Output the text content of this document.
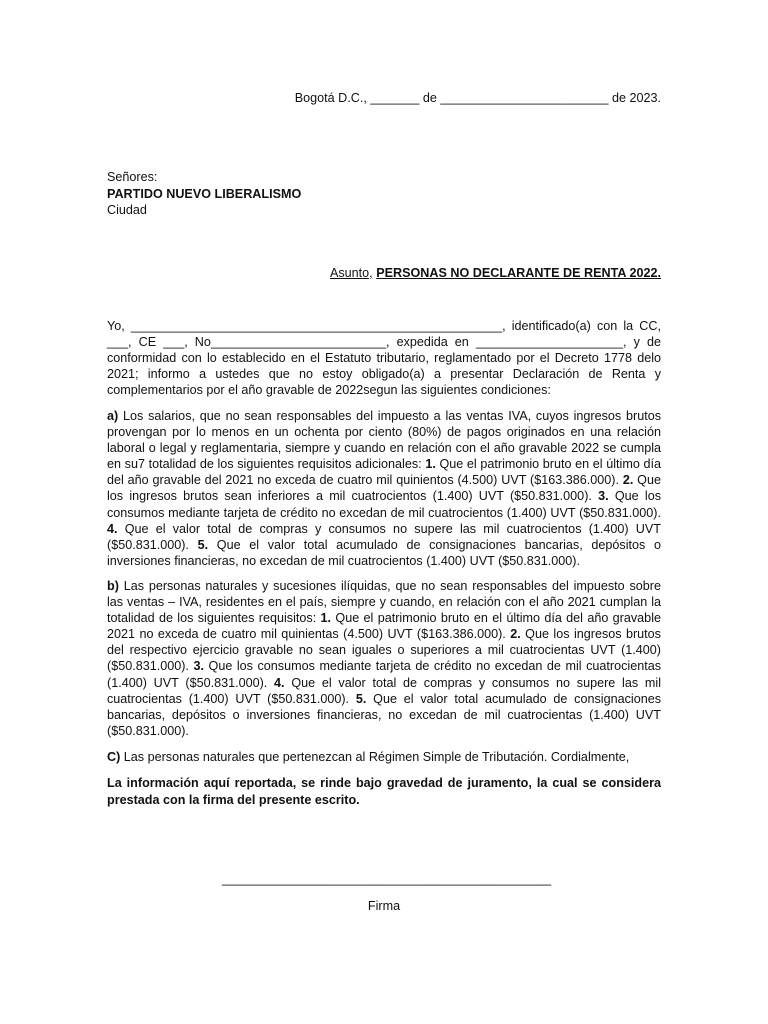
Bogotá D.C., _______ de ________________________ de 2023.
Señores:
PARTIDO NUEVO LIBERALISMO
Ciudad
Asunto, PERSONAS NO DECLARANTE DE RENTA 2022.

Yo, _____________________________________________________, identificado(a) con la CC, ___, CE ___, No_________________________, expedida en _____________________, y de conformidad con lo establecido en el Estatuto tributario, reglamentado por el Decreto 1778 delo 2021; informo a ustedes que no estoy obligado(a) a presentar Declaración de Renta y complementarios por el año gravable de 2022segun las siguientes condiciones:

a) Los salarios, que no sean responsables del impuesto a las ventas IVA, cuyos ingresos brutos provengan por lo menos en un ochenta por ciento (80%) de pagos originados en una relación laboral o legal y reglamentaria, siempre y cuando en relación con el año gravable 2022 se cumpla en su7 totalidad de los siguientes requisitos adicionales: 1. Que el patrimonio bruto en el último día del año gravable del 2021 no exceda de cuatro mil quinientos (4.500) UVT ($163.386.000). 2. Que los ingresos brutos sean inferiores a mil cuatrocientos (1.400) UVT ($50.831.000). 3. Que los consumos mediante tarjeta de crédito no excedan de mil cuatrocientos (1.400) UVT ($50.831.000). 4. Que el valor total de compras y consumos no supere las mil cuatrocientos (1.400) UVT ($50.831.000). 5. Que el valor total acumulado de consignaciones bancarias, depósitos o inversiones financieras, no excedan de mil cuatrocientos (1.400) UVT ($50.831.000).

b) Las personas naturales y sucesiones ilíquidas, que no sean responsables del impuesto sobre las ventas – IVA, residentes en el país, siempre y cuando, en relación con el año 2021 cumplan la totalidad de los siguientes requisitos: 1. Que el patrimonio bruto en el último día del año gravable 2021 no exceda de cuatro mil quinientas (4.500) UVT ($163.386.000). 2. Que los ingresos brutos del respectivo ejercicio gravable no sean iguales o superiores a mil cuatrocientas UVT (1.400) ($50.831.000). 3. Que los consumos mediante tarjeta de crédito no excedan de mil cuatrocientas (1.400) UVT ($50.831.000). 4. Que el valor total de compras y consumos no supere las mil cuatrocientas (1.400) UVT ($50.831.000). 5. Que el valor total acumulado de consignaciones bancarias, depósitos o inversiones financieras, no excedan de mil cuatrocientas (1.400) UVT ($50.831.000).

C) Las personas naturales que pertenezcan al Régimen Simple de Tributación. Cordialmente,

La información aquí reportada, se rinde bajo gravedad de juramento, la cual se considera prestada con la firma del presente escrito.

_______________________________________________
Firma
